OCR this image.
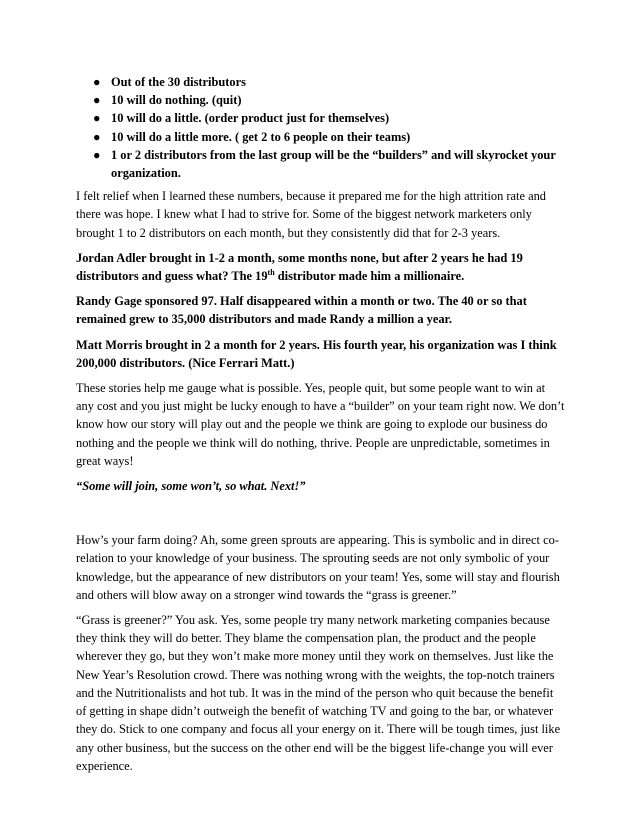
● Out of the 30 distributors
● 10 will do nothing. (quit)
● 10 will do a little. (order product just for themselves)
● 10 will do a little more. ( get 2 to 6 people on their teams)
● 1 or 2 distributors from the last group will be the “builders” and will skyrocket your organization.

I felt relief when I learned these numbers, because it prepared me for the high attrition rate and there was hope. I knew what I had to strive for. Some of the biggest network marketers only brought 1 to 2 distributors on each month, but they consistently did that for 2-3 years.

Jordan Adler brought in 1-2 a month, some months none, but after 2 years he had 19 distributors and guess what? The 19th distributor made him a millionaire.

Randy Gage sponsored 97. Half disappeared within a month or two. The 40 or so that remained grew to 35,000 distributors and made Randy a million a year.

Matt Morris brought in 2 a month for 2 years. His fourth year, his organization was I think 200,000 distributors. (Nice Ferrari Matt.)

These stories help me gauge what is possible. Yes, people quit, but some people want to win at any cost and you just might be lucky enough to have a “builder” on your team right now. We don’t know how our story will play out and the people we think are going to explode our business do nothing and the people we think will do nothing, thrive. People are unpredictable, sometimes in great ways!

“Some will join, some won’t, so what. Next!”

How’s your farm doing? Ah, some green sprouts are appearing. This is symbolic and in direct co-relation to your knowledge of your business. The sprouting seeds are not only symbolic of your knowledge, but the appearance of new distributors on your team! Yes, some will stay and flourish and others will blow away on a stronger wind towards the “grass is greener.”

“Grass is greener?” You ask. Yes, some people try many network marketing companies because they think they will do better. They blame the compensation plan, the product and the people wherever they go, but they won’t make more money until they work on themselves. Just like the New Year’s Resolution crowd. There was nothing wrong with the weights, the top-notch trainers and the Nutritionalists and hot tub. It was in the mind of the person who quit because the benefit of getting in shape didn’t outweigh the benefit of watching TV and going to the bar, or whatever they do. Stick to one company and focus all your energy on it. There will be tough times, just like any other business, but the success on the other end will be the biggest life-change you will ever experience.
